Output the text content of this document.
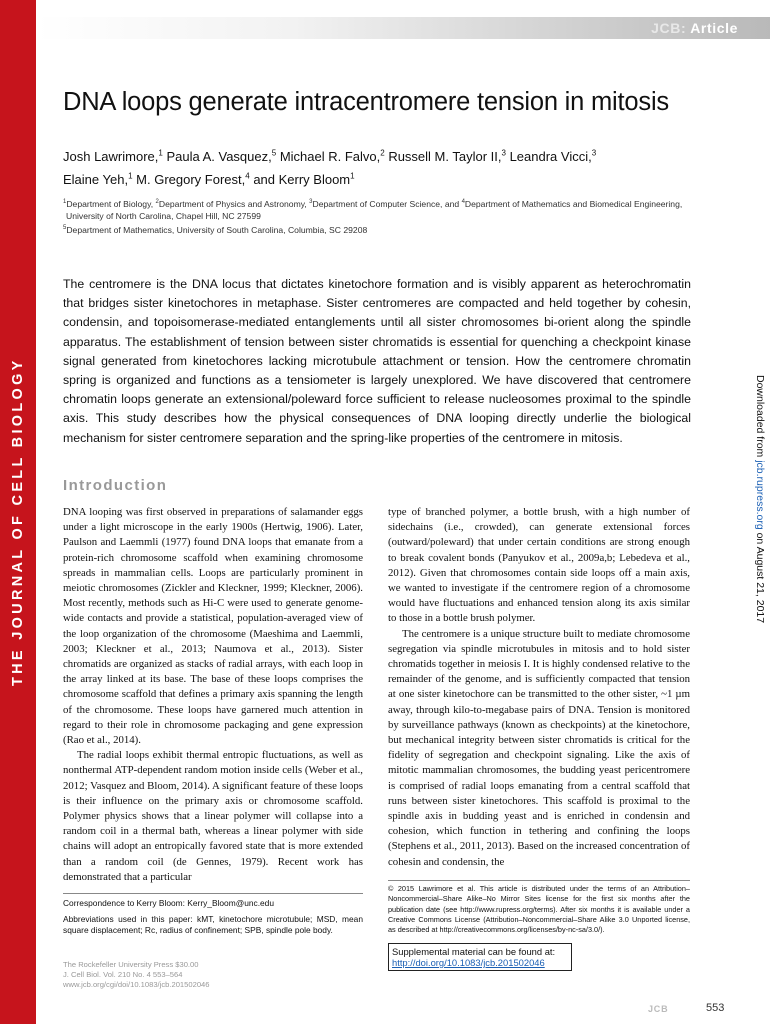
JCB: Article
DNA loops generate intracentromere tension in mitosis
Josh Lawrimore,$^1$ Paula A. Vasquez,$^5$ Michael R. Falvo,$^2$ Russell M. Taylor II,$^3$ Leandra Vicci,$^3$
Elaine Yeh,$^1$ M. Gregory Forest,$^4$ and Kerry Bloom$^1$
$^1$Department of Biology, $^2$Department of Physics and Astronomy, $^3$Department of Computer Science, and $^4$Department of Mathematics and Biomedical Engineering,
University of North Carolina, Chapel Hill, NC 27599
$^5$Department of Mathematics, University of South Carolina, Columbia, SC 29208
The centromere is the DNA locus that dictates kinetochore formation and is visibly apparent as heterochromatin that bridges sister kinetochores in metaphase. Sister centromeres are compacted and held together by cohesin, condensin, and topoisomerase-mediated entanglements until all sister chromosomes bi-orient along the spindle apparatus. The establishment of tension between sister chromatids is essential for quenching a checkpoint kinase signal generated from kinetochores lacking microtubule attachment or tension. How the centromere chromatin spring is organized and functions as a tensiometer is largely unexplored. We have discovered that centromere chromatin loops generate an extensional/poleward force sufficient to release nucleosomes proximal to the spindle axis. This study describes how the physical consequences of DNA looping directly underlie the biological mechanism for sister centromere separation and the spring-like properties of the centromere in mitosis.	Downloaded from jcb.rupress.org on August 21, 2017
Introduction

DNA looping was first observed in preparations of salamander eggs under a light microscope in the early 1900s (Hertwig, 1906). Later, Paulson and Laemmli (1977) found DNA loops that emanate from a protein-rich chromosome scaffold when examining chromosome spreads in mammalian cells. Loops are particularly prominent in meiotic chromosomes (Zickler and Kleckner, 1999; Kleckner, 2006). Most recently, methods such as Hi-C were used to generate genome-wide contacts and provide a statistical, population-averaged view of the loop organization of the chromosome (Maeshima and Laemmli, 2003; Kleckner et al., 2013; Naumova et al., 2013). Sister chromatids are organized as stacks of radial arrays, with each loop in the array linked at its base. The base of these loops comprises the chromosome scaffold that defines a primary axis spanning the length of the chromosome. These loops have garnered much attention in regard to their role in chromosome packaging and gene expression (Rao et al., 2014).

The radial loops exhibit thermal entropic fluctuations, as well as nonthermal ATP-dependent random motion inside cells (Weber et al., 2012; Vasquez and Bloom, 2014). A significant feature of these loops is their influence on the primary axis or chromosome scaffold. Polymer physics shows that a linear polymer will collapse into a random coil in a thermal bath, whereas a linear polymer with side chains will adopt an entropically favored state that is more extended than a random coil (de Gennes, 1979). Recent work has demonstrated that a particular

type of branched polymer, a bottle brush, with a high number of sidechains (i.e., crowded), can generate extensional forces (outward/poleward) that under certain conditions are strong enough to break covalent bonds (Panyukov et al., 2009a,b; Lebedeva et al., 2012). Given that chromosomes contain side loops off a main axis, we wanted to investigate if the centromere region of a chromosome would have fluctuations and enhanced tension along its axis similar to those in a bottle brush polymer.

The centromere is a unique structure built to mediate chromosome segregation via spindle microtubules in mitosis and to hold sister chromatids together in meiosis I. It is highly condensed relative to the remainder of the genome, and is sufficiently compacted that tension at one sister kinetochore can be transmitted to the other sister, ~1 µm away, through kilo-to-megabase pairs of DNA. Tension is monitored by surveillance pathways (known as checkpoints) at the kinetochore, but mechanical integrity between sister chromatids is critical for the fidelity of segregation and checkpoint signaling. Like the axis of mitotic mammalian chromosomes, the budding yeast pericentromere is comprised of radial loops emanating from a central scaffold that runs between sister kinetochores. This scaffold is proximal to the spindle axis in budding yeast and is enriched in condensin and cohesion, which function in tethering and confining the loops (Stephens et al., 2011, 2013). Based on the increased concentration of cohesin and condensin, the

Correspondence to Kerry Bloom: Kerry_Bloom@unc.edu

Abbreviations used in this paper: kMT, kinetochore microtubule; MSD, mean square displacement; Rc, radius of confinement; SPB, spindle pole body.

© 2015 Lawrimore et al. This article is distributed under the terms of an Attribution–Noncommercial–Share Alike–No Mirror Sites license for the first six months after the publication date (see http://www.rupress.org/terms). After six months it is available under a Creative Commons License (Attribution–Noncommercial–Share Alike 3.0 Unported license, as described at http://creativecommons.org/licenses/by-nc-sa/3.0/).
Supplemental material can be found at:
http://doi.org/10.1083/jcb.201502046
The Rockefeller University Press $30.00
J. Cell Biol. Vol. 210 No. 4 553–564
www.jcb.org/cgi/doi/10.1083/jcb.201502046
JCB	553
